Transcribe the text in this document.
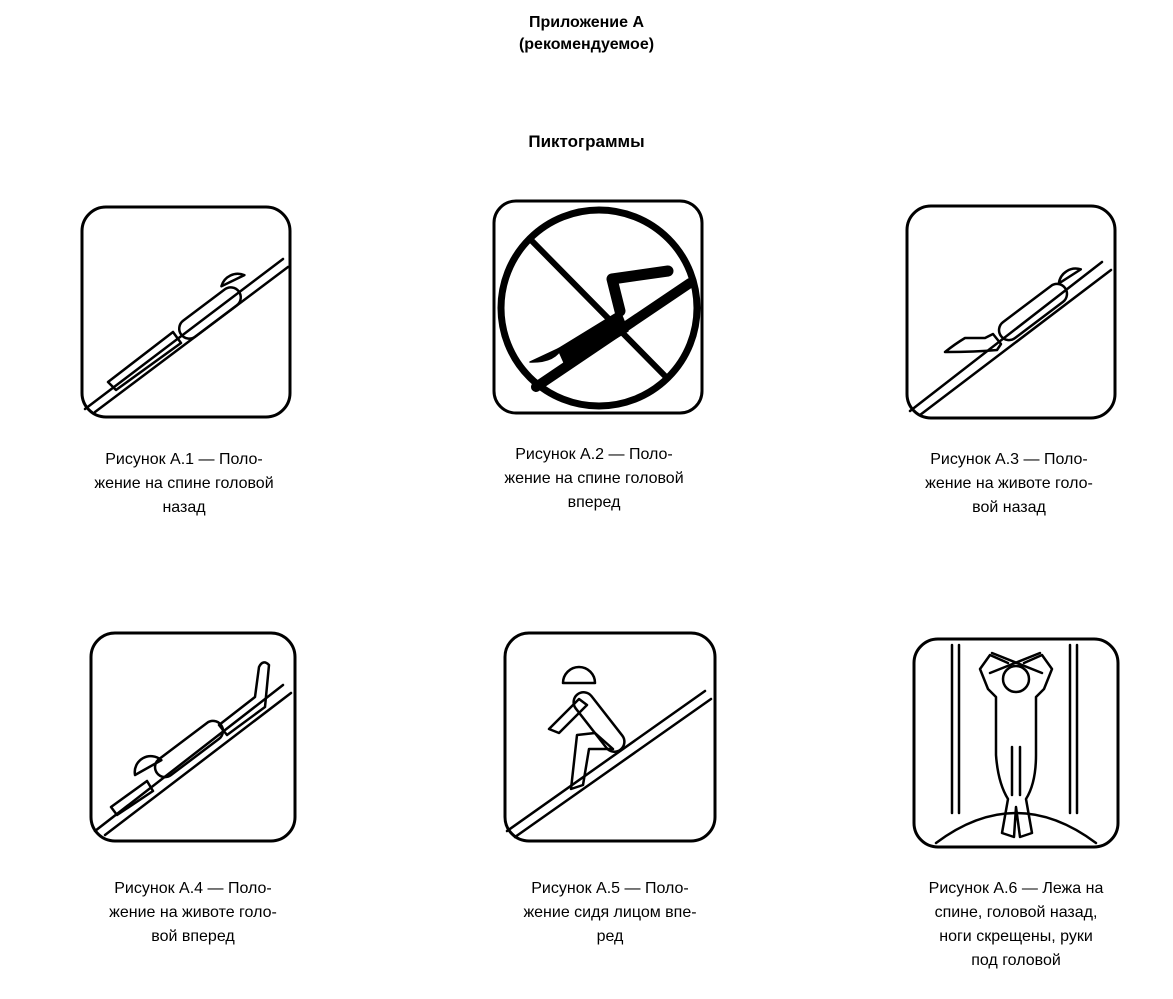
Приложение А
(рекомендуемое)
Пиктограммы
Рисунок А.1 — Поло-
жение на спине головой
назад
Рисунок А.2 — Поло-
жение на спине головой
вперед
Рисунок А.3 — Поло-
жение на животе голо-
вой назад
Рисунок А.4 — Поло-
жение на животе голо-
вой вперед
Рисунок А.5 — Поло-
жение сидя лицом впе-
ред
Рисунок А.6 — Лежа на
спине, головой назад,
ноги скрещены, руки
под головой
